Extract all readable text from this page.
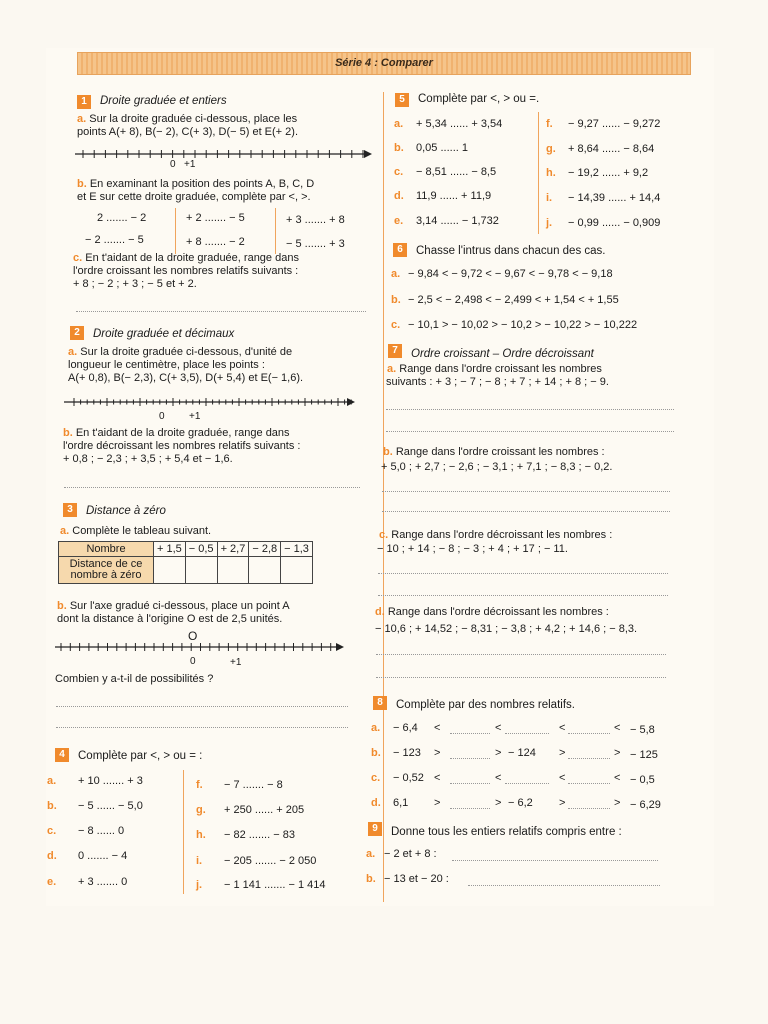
Série 4 : Comparer
1	Droite graduée et entiers
a. Sur la droite graduée ci-dessous, place les
points A(+ 8), B(− 2), C(+ 3), D(− 5) et E(+ 2).
0 +1
b. En examinant la position des points A, B, C, D
et E sur cette droite graduée, complète par <, >.
2 ....... − 2	+ 2 ....... − 5	+ 3 ....... + 8
− 2 ....... − 5	+ 8 ....... − 2	− 5 ....... + 3
c. En t'aidant de la droite graduée, range dans
l'ordre croissant les nombres relatifs suivants :
+ 8 ; − 2 ; + 3 ; − 5 et + 2.
2	Droite graduée et décimaux
a. Sur la droite graduée ci-dessous, d'unité de
longueur le centimètre, place les points :
A(+ 0,8), B(− 2,3), C(+ 3,5), D(+ 5,4) et E(− 1,6).
0 +1
b. En t'aidant de la droite graduée, range dans
l'ordre décroissant les nombres relatifs suivants :
+ 0,8 ; − 2,3 ; + 3,5 ; + 5,4 et − 1,6.
3	Distance à zéro
a. Complète le tableau suivant.
Nombre	+ 1,5	− 0,5	+ 2,7	− 2,8	− 1,3
Distance de ce
nombre à zéro					
b. Sur l'axe gradué ci-dessous, place un point A
dont la distance à l'origine O est de 2,5 unités.
O
0	+1
Combien y a-t-il de possibilités ?
4	Complète par <, > ou = :
5	Complète par <, > ou =.
6	Chasse l'intrus dans chacun des cas.
7	Ordre croissant – Ordre décroissant
a. Range dans l'ordre croissant les nombres
suivants : + 3 ; − 7 ; − 8 ; + 7 ; + 14 ; + 8 ; − 9.
b. Range dans l'ordre croissant les nombres :
+ 5,0 ; + 2,7 ; − 2,6 ; − 3,1 ; + 7,1 ; − 8,3 ; − 0,2.
c. Range dans l'ordre décroissant les nombres :
− 10 ; + 14 ; − 8 ; − 3 ; + 4 ; + 17 ; − 11.
d. Range dans l'ordre décroissant les nombres :
− 10,6 ; + 14,52 ; − 8,31 ; − 3,8 ; + 4,2 ; + 14,6 ; − 8,3.
8	Complète par des nombres relatifs.
9	Donne tous les entiers relatifs compris entre :
a. + 10 ....... + 3
b. − 5 ...... − 5,0
c. − 8 ...... 0
d. 0 ....... − 4
e. + 3 ....... 0
f. − 7 ....... − 8
g. + 250 ...... + 205
h. − 82 ....... − 83
i. − 205 ....... − 2 050
j. − 1 141 ....... − 1 414
a. + 5,34 ...... + 3,54
b. 0,05 ...... 1
c. − 8,51 ...... − 8,5
d. 11,9 ...... + 11,9
e. 3,14 ...... − 1,732
f. − 9,27 ...... − 9,272
g. + 8,64 ...... − 8,64
h. − 19,2 ...... + 9,2
i. − 14,39 ...... + 14,4
j. − 0,99 ...... − 0,909
a. − 9,84 < − 9,72 < − 9,67 < − 9,78 < − 9,18
b. − 2,5 < − 2,498 < − 2,499 < + 1,54 < + 1,55
c. − 10,1 > − 10,02 > − 10,2 > − 10,22 > − 10,222
a. − 6,4 <	<	<	< − 5,8
b. − 123 >	> − 124 >	> − 125
c. − 0,52 <	<	<	< − 0,5
d. 6,1 >	> − 6,2 >	> − 6,29
a. − 2 et + 8 :
b. − 13 et − 20 :
